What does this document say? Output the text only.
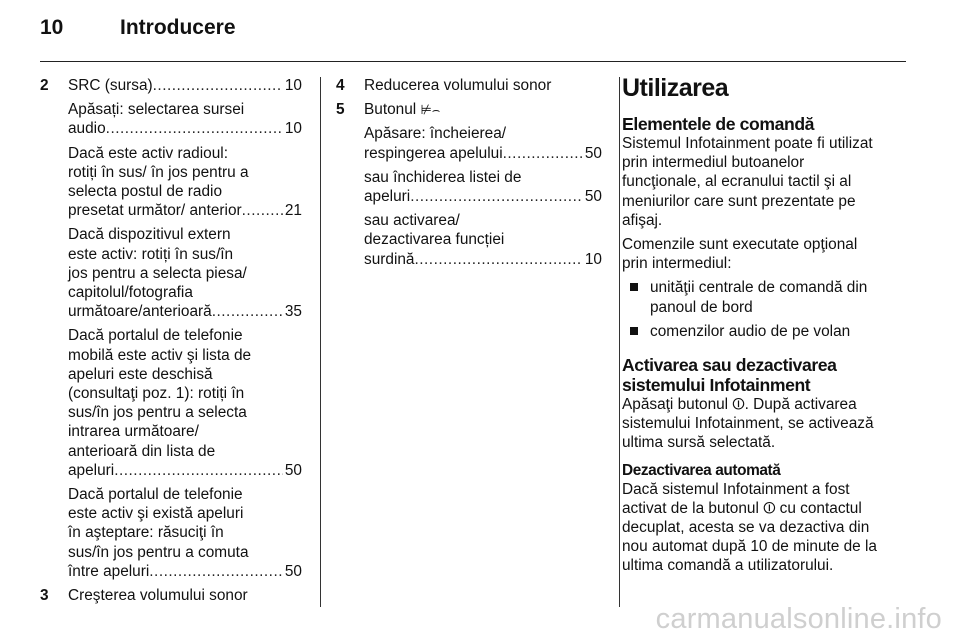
10	Introducere
2 SRC (sursa) .....	10
Apăsați: selectarea sursei
audio .....	10
Dacă este activ radioul:
rotiți în sus/ în jos pentru a
selecta postul de radio
presetat următor/ anterior .....	21
Dacă dispozitivul extern
este activ: rotiți în sus/în
jos pentru a selecta piesa/
capitolul/fotografia
următoare/anterioară .....	35
Dacă portalul de telefonie
mobilă este activ şi lista de
apeluri este deschisă
(consultaţi poz. 1): rotiți în
sus/în jos pentru a selecta
intrarea următoare/
anterioară din lista de
apeluri .....	50
Dacă portalul de telefonie
este activ şi există apeluri
în aşteptare: răsuciţi în
sus/în jos pentru a comuta
între apeluri .....	50
3 Creşterea volumului sonor
4 Reducerea volumului sonor
5 Butonul ⊭⌢
Apăsare: încheierea/
respingerea apelului .....	50
sau închiderea listei de
apeluri .....	50
sau activarea/
dezactivarea funcției
surdină .....	10
Utilizarea
Elementele de comandă
Sistemul Infotainment poate fi utilizat
prin intermediul butoanelor
funcţionale, al ecranului tactil şi al
meniurilor care sunt prezentate pe
afişaj.
Comenzile sunt executate opţional
prin intermediul:
unităţii centrale de comandă din
panoul de bord
comenzilor audio de pe volan
Activarea sau dezactivarea
sistemului Infotainment
Apăsaţi butonul ⏼. După activarea
sistemului Infotainment, se activează
ultima sursă selectată.
Dezactivarea automată
Dacă sistemul Infotainment a fost
activat de la butonul ⏼ cu contactul
decuplat, acesta se va dezactiva din
nou automat după 10 de minute de la
ultima comandă a utilizatorului.
carmanualsonline.info
